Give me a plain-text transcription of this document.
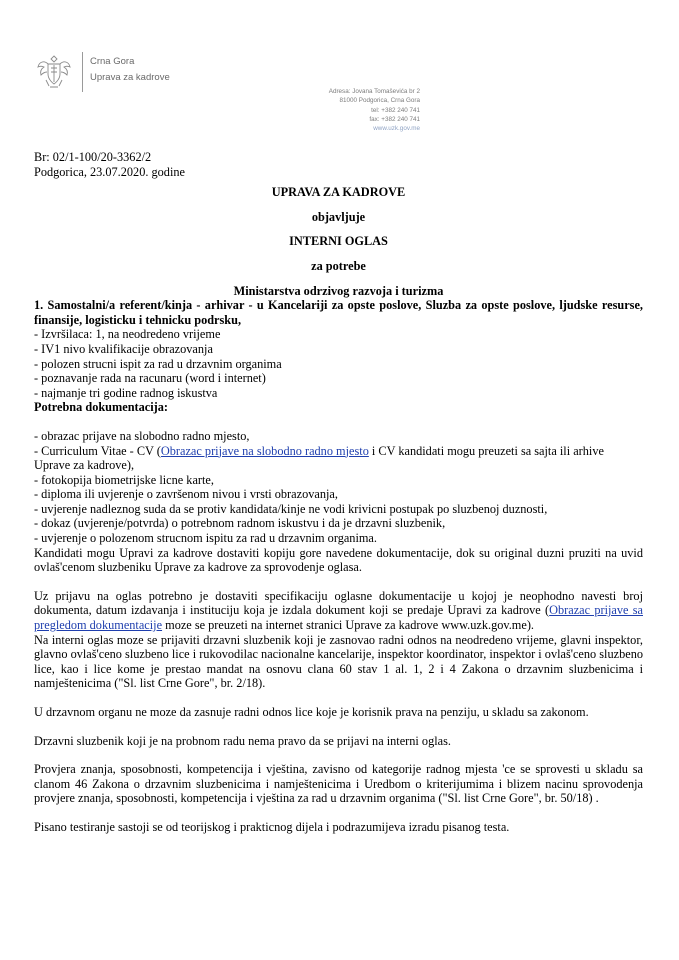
Crna Gora
Uprava za kadrove
Adresa: Jovana Tomaševića br 2
81000 Podgorica, Crna Gora
tel: +382 240 741
fax: +382 240 741
www.uzk.gov.me

Br: 02/1-100/20-3362/2

Podgorica, 23.07.2020. godine

UPRAVA ZA KADROVE

objavljuje

INTERNI OGLAS

za potrebe

Ministarstva odrzivog razvoja i turizma

1. Samostalni/a referent/kinja - arhivar - u Kancelariji za opste poslove, Sluzba za opste poslove, ljudske resurse, finansije, logisticku i tehnicku podrsku,

- Izvršilaca: 1, na neodredeno vrijeme

- IV1 nivo kvalifikacije obrazovanja

- polozen strucni ispit za rad u drzavnim organima

- poznavanje rada na racunaru (word i internet)

- najmanje tri godine radnog iskustva

Potrebna dokumentacija:

- obrazac prijave na slobodno radno mjesto,

- Curriculum Vitae - CV (Obrazac prijave na slobodno radno mjesto i CV kandidati mogu preuzeti sa sajta ili arhive Uprave za kadrove),

- fotokopija biometrijske licne karte,

- diploma ili uvjerenje o završenom nivou i vrsti obrazovanja,

- uvjerenje nadleznog suda da se protiv kandidata/kinje ne vodi krivicni postupak po sluzbenoj duznosti,

- dokaz (uvjerenje/potvrda) o potrebnom radnom iskustvu i da je drzavni sluzbenik,

- uvjerenje o polozenom strucnom ispitu za rad u drzavnim organima.

Kandidati mogu Upravi za kadrove dostaviti kopiju gore navedene dokumentacije, dok su original duzni pruziti na uvid ovlaš'cenom sluzbeniku Uprave za kadrove za sprovodenje oglasa.

Uz prijavu na oglas potrebno je dostaviti specifikaciju oglasne dokumentacije u kojoj je neophodno navesti broj dokumenta, datum izdavanja i instituciju koja je izdala dokument koji se predaje Upravi za kadrove (Obrazac prijave sa pregledom dokumentacije moze se preuzeti na internet stranici Uprave za kadrove www.uzk.gov.me).

Na interni oglas moze se prijaviti drzavni sluzbenik koji je zasnovao radni odnos na neodredeno vrijeme, glavni inspektor, glavno ovlaš'ceno sluzbeno lice i rukovodilac nacionalne kancelarije, inspektor koordinator, inspektor i ovlaš'ceno sluzbeno lice, kao i lice kome je prestao mandat na osnovu clana 60 stav 1 al. 1, 2 i 4 Zakona o drzavnim sluzbenicima i namještenicima ("Sl. list Crne Gore", br. 2/18).

U drzavnom organu ne moze da zasnuje radni odnos lice koje je korisnik prava na penziju, u skladu sa zakonom.

Drzavni sluzbenik koji je na probnom radu nema pravo da se prijavi na interni oglas.

Provjera znanja, sposobnosti, kompetencija i vještina, zavisno od kategorije radnog mjesta 'ce se sprovesti u skladu sa clanom 46 Zakona o drzavnim sluzbenicima i namještenicima i Uredbom o kriterijumima i blizem nacinu sprovodenja provjere znanja, sposobnosti, kompetencija i vještina za rad u drzavnim organima ("Sl. list Crne Gore", br. 50/18) .

Pisano testiranje sastoji se od teorijskog i prakticnog dijela i podrazumijeva izradu pisanog testa.
